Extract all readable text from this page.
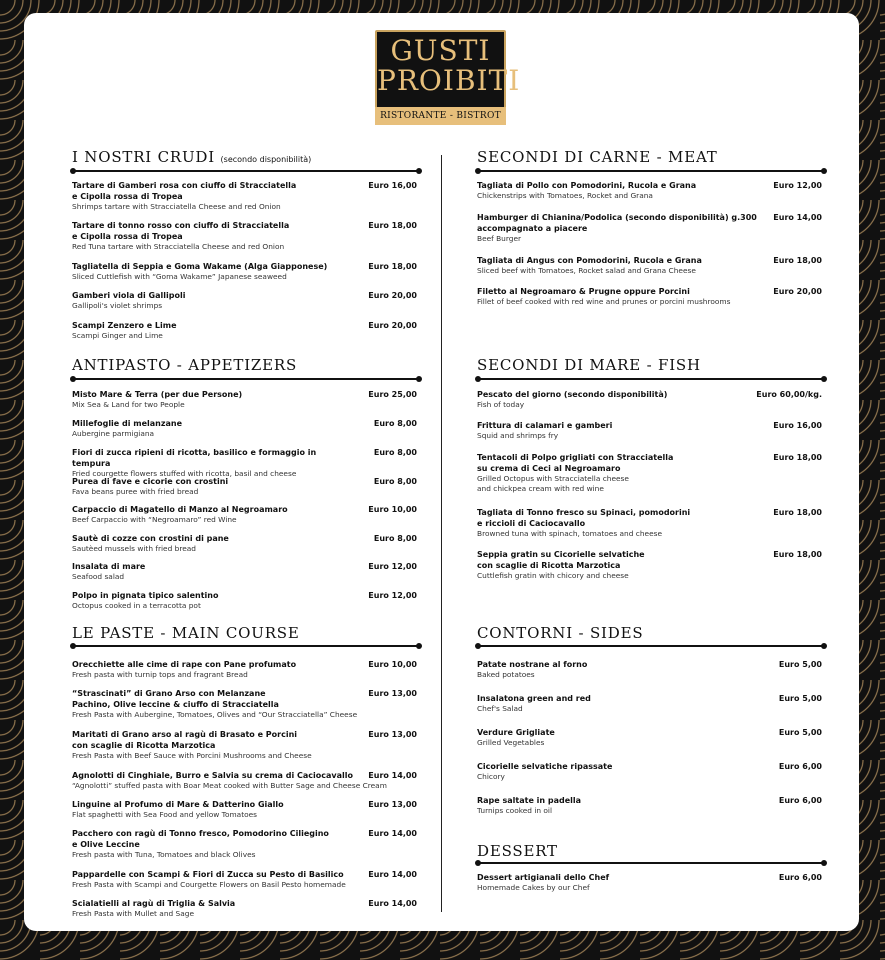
GUSTI
PROIBITI
RISTORANTE - BISTROT
I NOSTRI CRUDI (secondo disponibilità)
Tartare di Gamberi rosa con ciuffo di Stracciatella
e Cipolla rossa di Tropea
Shrimps tartare with Stracciatella Cheese and red Onion
Euro 16,00
Tartare di tonno rosso con ciuffo di Stracciatella
e Cipolla rossa di Tropea
Red Tuna tartare with Stracciatella Cheese and red Onion
Euro 18,00
Tagliatella di Seppia e Goma Wakame (Alga Giapponese)
Sliced Cuttlefish with “Goma Wakame” Japanese seaweed
Euro 18,00
Gamberi viola di Gallipoli
Gallipoli's violet shrimps
Euro 20,00
Scampi Zenzero e Lime
Scampi Ginger and Lime
Euro 20,00
ANTIPASTO - APPETIZERS
Misto Mare & Terra (per due Persone)
Mix Sea & Land for two People
Euro 25,00
Millefoglie di melanzane
Aubergine parmigiana
Euro 8,00
Fiori di zucca ripieni di ricotta, basilico e formaggio in tempura
Fried courgette flowers stuffed with ricotta, basil and cheese
Euro 8,00
Purea di fave e cicorie con crostini
Fava beans puree with fried bread
Euro 8,00
Carpaccio di Magatello di Manzo al Negroamaro
Beef Carpaccio with “Negroamaro” red Wine
Euro 10,00
Sautè di cozze con crostini di pane
Sautèed mussels with fried bread
Euro 8,00
Insalata di mare
Seafood salad
Euro 12,00
Polpo in pignata tipico salentino
Octopus cooked in a terracotta pot
Euro 12,00
LE PASTE - MAIN COURSE
Orecchiette alle cime di rape con Pane profumato
Fresh pasta with turnip tops and fragrant Bread
Euro 10,00
“Strascinati” di Grano Arso con Melanzane
Pachino, Olive leccine & ciuffo di Stracciatella
Fresh Pasta with Aubergine, Tomatoes, Olives and “Our Stracciatella” Cheese
Euro 13,00
Maritati di Grano arso al ragù di Brasato e Porcini
con scaglie di Ricotta Marzotica
Fresh Pasta with Beef Sauce with Porcini Mushrooms and Cheese
Euro 13,00
Agnolotti di Cinghiale, Burro e Salvia su crema di Caciocavallo
“Agnolotti” stuffed pasta with Boar Meat cooked with Butter Sage and Cheese Cream
Euro 14,00
Linguine al Profumo di Mare & Datterino Giallo
Flat spaghetti with Sea Food and yellow Tomatoes
Euro 13,00
Pacchero con ragù di Tonno fresco, Pomodorino Ciliegino
e Olive Leccine
Fresh pasta with Tuna, Tomatoes and black Olives
Euro 14,00
Pappardelle con Scampi & Fiori di Zucca su Pesto di Basilico
Fresh Pasta with Scampi and Courgette Flowers on Basil Pesto homemade
Euro 14,00
Scialatielli al ragù di Triglia & Salvia
Fresh Pasta with Mullet and Sage
Euro 14,00
SECONDI DI CARNE - MEAT
Tagliata di Pollo con Pomodorini, Rucola e Grana
Chickenstrips with Tomatoes, Rocket and Grana
Euro 12,00
Hamburger di Chianina/Podolica (secondo disponibilità) g.300
accompagnato a piacere
Beef Burger
Euro 14,00
Tagliata di Angus con Pomodorini, Rucola e Grana
Sliced beef with Tomatoes, Rocket salad and Grana Cheese
Euro 18,00
Filetto al Negroamaro & Prugne oppure Porcini
Fillet of beef cooked with red wine and prunes or porcini mushrooms
Euro 20,00
SECONDI DI MARE - FISH
Pescato del giorno (secondo disponibilità)
Fish of today
Euro 60,00/kg.
Frittura di calamari e gamberi
Squid and shrimps fry
Euro 16,00
Tentacoli di Polpo grigliati con Stracciatella
su crema di Ceci al Negroamaro
Grilled Octopus with Stracciatella cheese
and chickpea cream with red wine
Euro 18,00
Tagliata di Tonno fresco su Spinaci, pomodorini
e riccioli di Caciocavallo
Browned tuna with spinach, tomatoes and cheese
Euro 18,00
Seppia gratin su Cicorielle selvatiche
con scaglie di Ricotta Marzotica
Cuttlefish gratin with chicory and cheese
Euro 18,00
CONTORNI - SIDES
Patate nostrane al forno
Baked potatoes
Euro 5,00
Insalatona green and red
Chef's Salad
Euro 5,00
Verdure Grigliate
Grilled Vegetables
Euro 5,00
Cicorielle selvatiche ripassate
Chicory
Euro 6,00
Rape saltate in padella
Turnips cooked in oil
Euro 6,00
DESSERT
Dessert artigianali dello Chef
Homemade Cakes by our Chef
Euro 6,00
